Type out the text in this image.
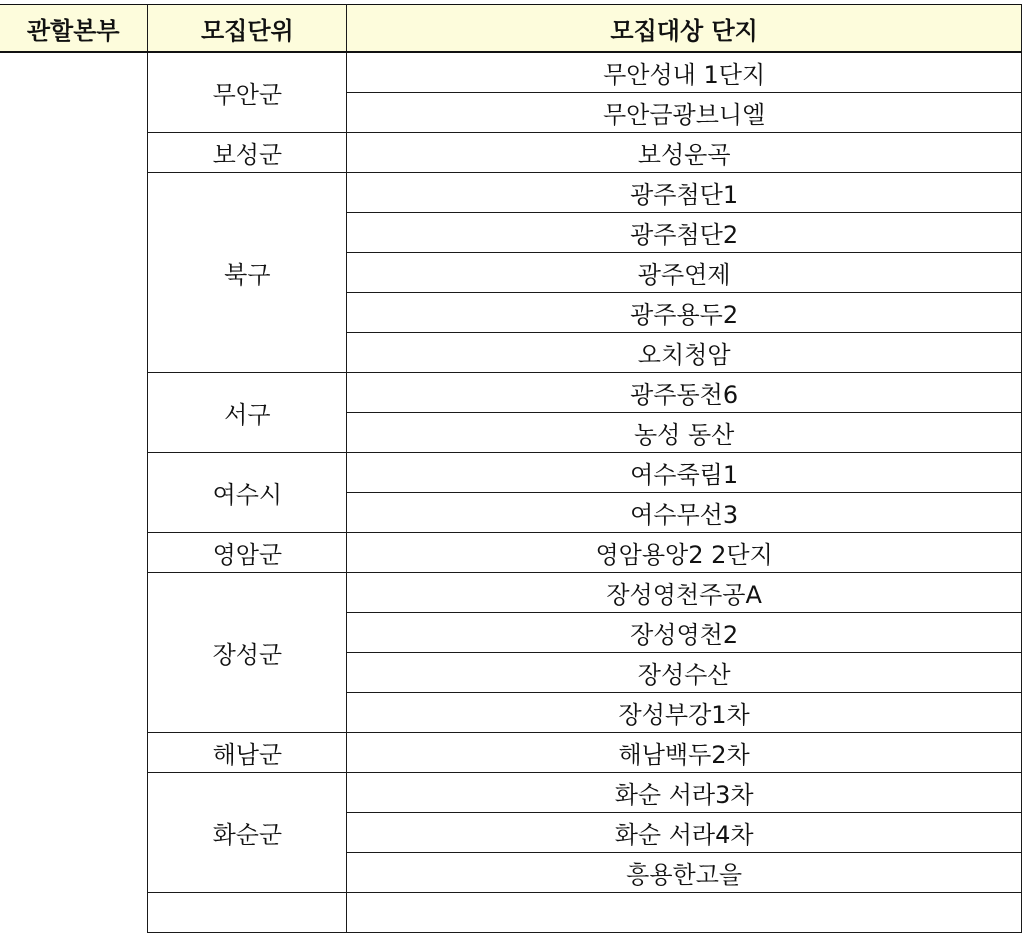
관할본부	모집단위	모집대상 단지
	무안군	무안성내 1단지
		무안금광브니엘
	보성군	보성운곡
	북구	광주첨단1
		광주첨단2
		광주연제
		광주용두2
		오치청암
	서구	광주동천6
		농성 동산
	여수시	여수죽림1
		여수무선3
	영암군	영암용앙2 2단지
	장성군	장성영천주공A
		장성영천2
		장성수산
		장성부강1차
	해남군	해남백두2차
	화순군	화순 서라3차
		화순 서라4차
		흥용한고을
